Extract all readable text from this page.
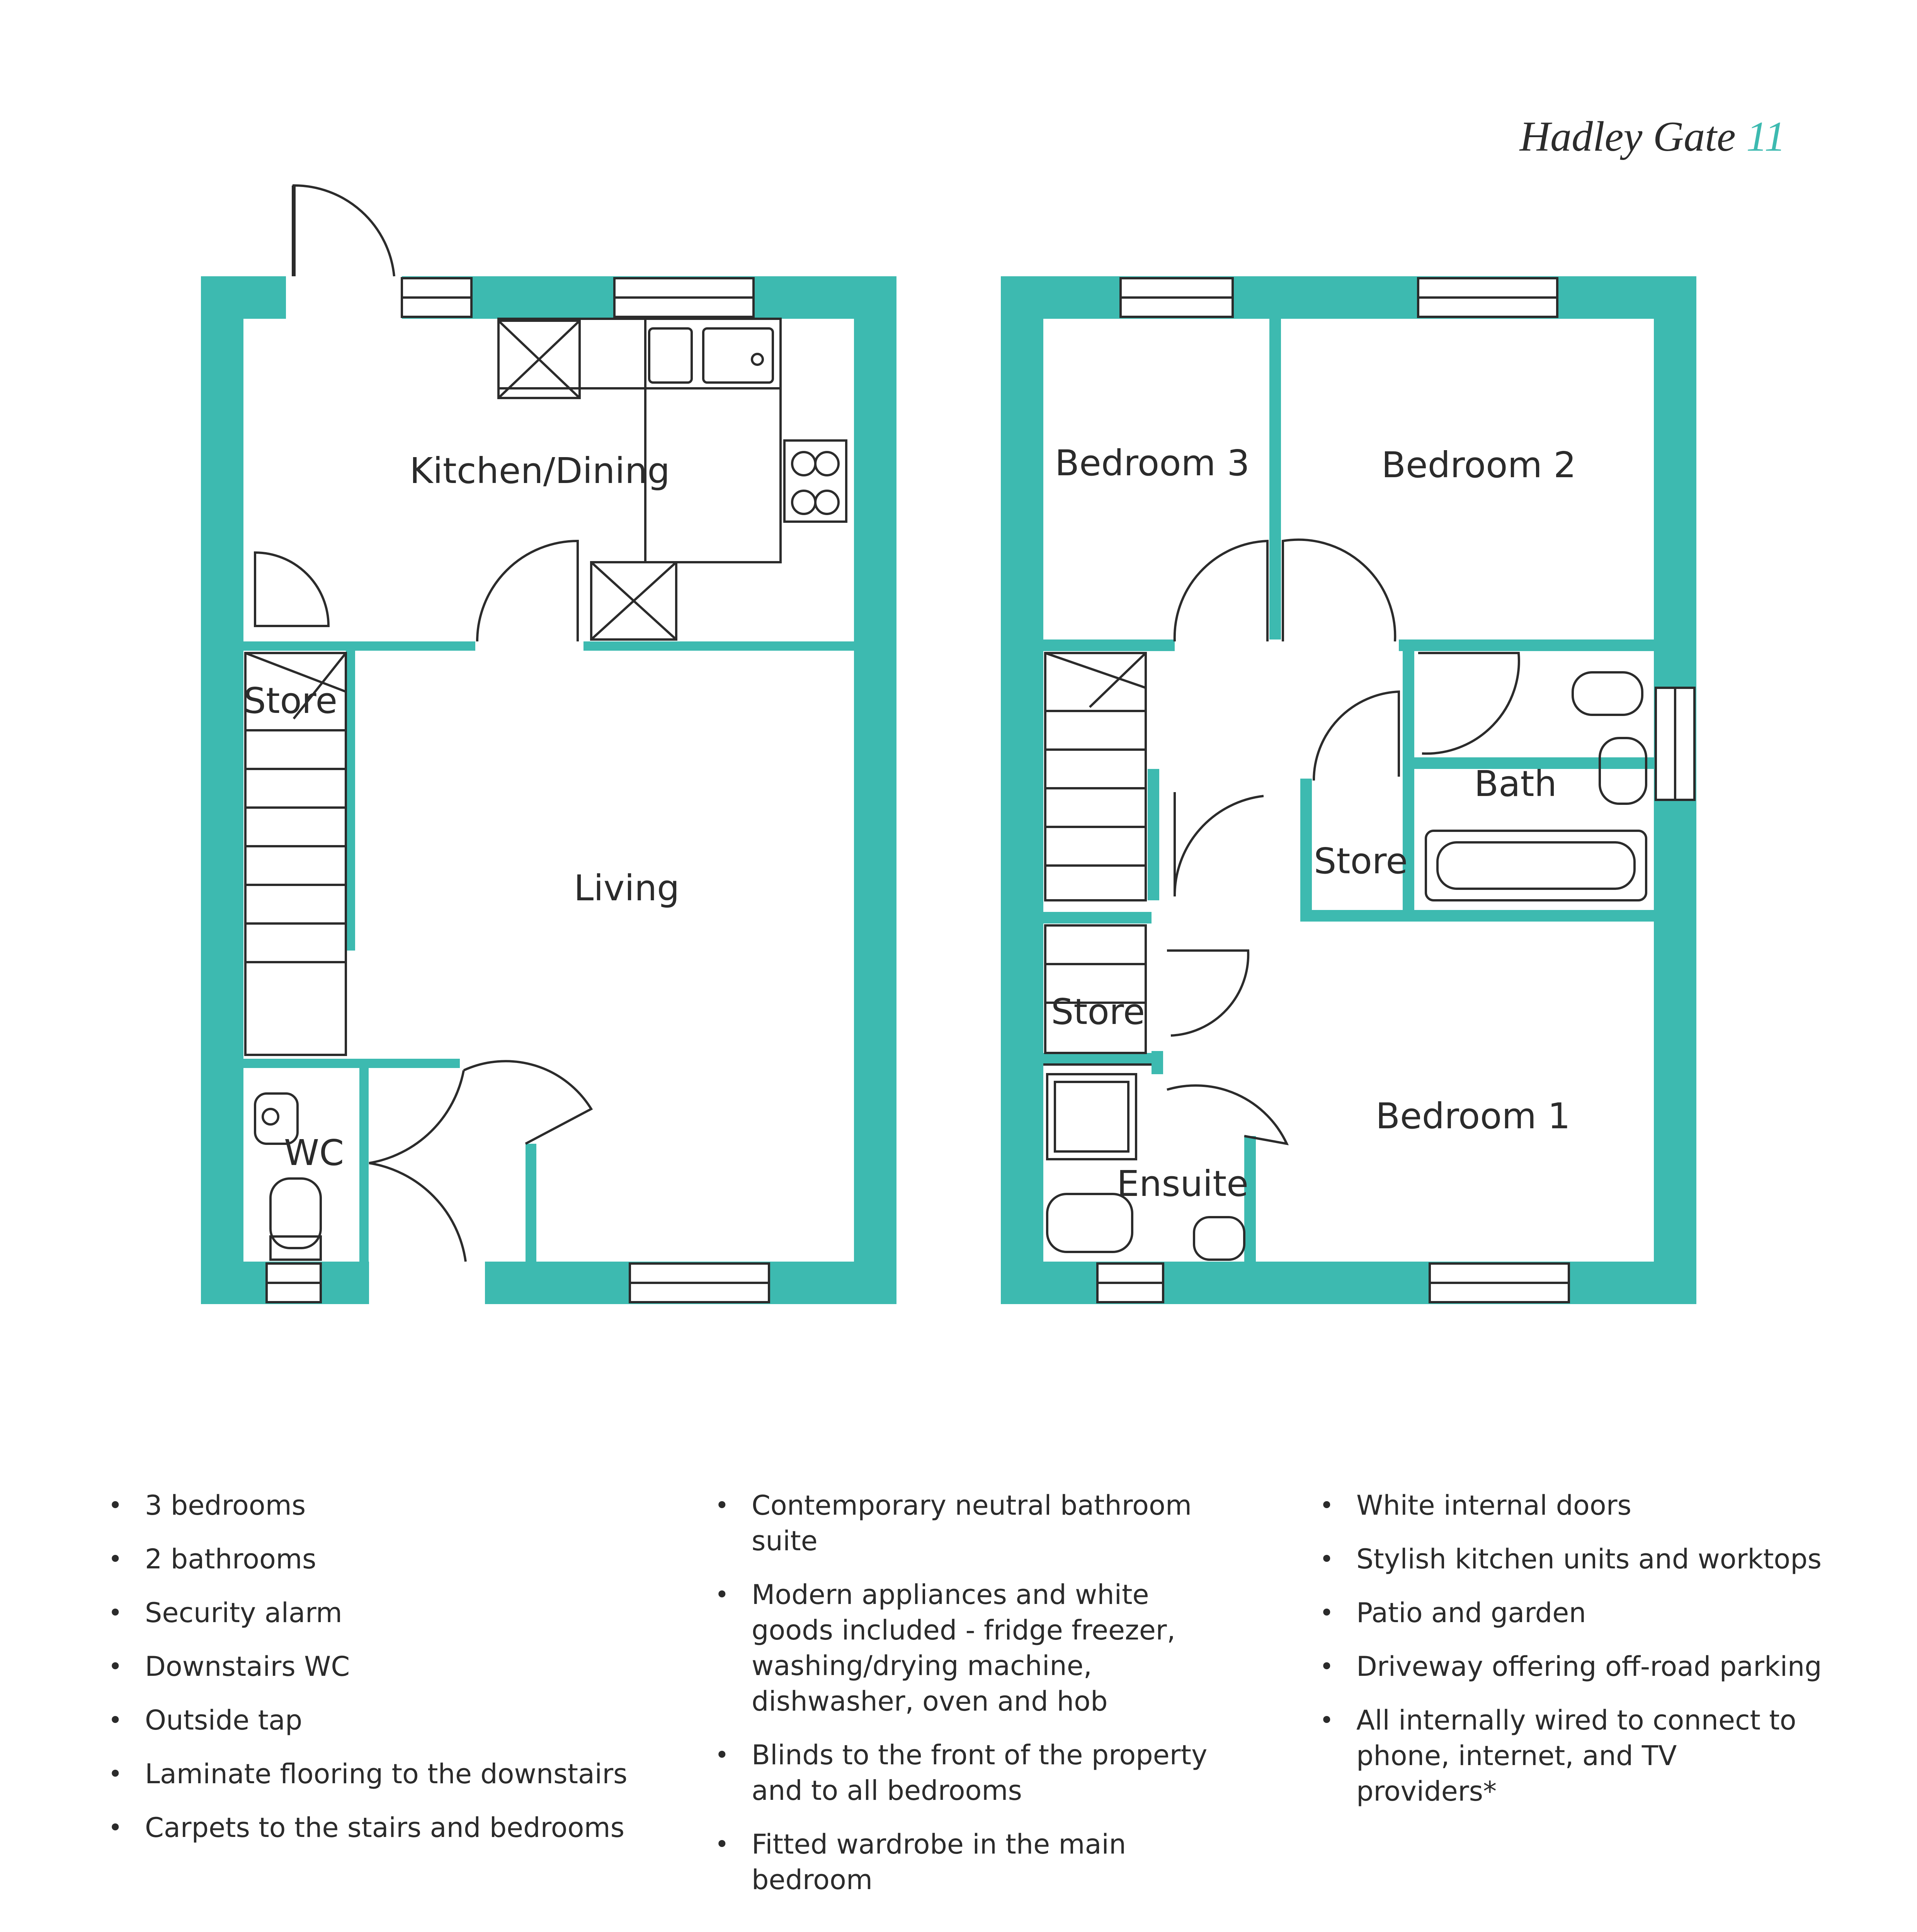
Hadley Gate 11
Kitchen/Dining
Living
Store
WC
Bedroom 3	Bedroom 2
Bath
Store
Store
Bedroom 1
Ensuite
• 3 bedrooms
• 2 bathrooms
• Security alarm
• Downstairs WC
• Outside tap
• Laminate flooring to the downstairs
• Carpets to the stairs and bedrooms
• Contemporary neutral bathroom suite
• Modern appliances and white goods included - fridge freezer, washing/drying machine, dishwasher, oven and hob
• Blinds to the front of the property and to all bedrooms
• Fitted wardrobe in the main bedroom
• White internal doors
• Stylish kitchen units and worktops
• Patio and garden
• Driveway offering off-road parking
• All internally wired to connect to phone, internet, and TV providers*
